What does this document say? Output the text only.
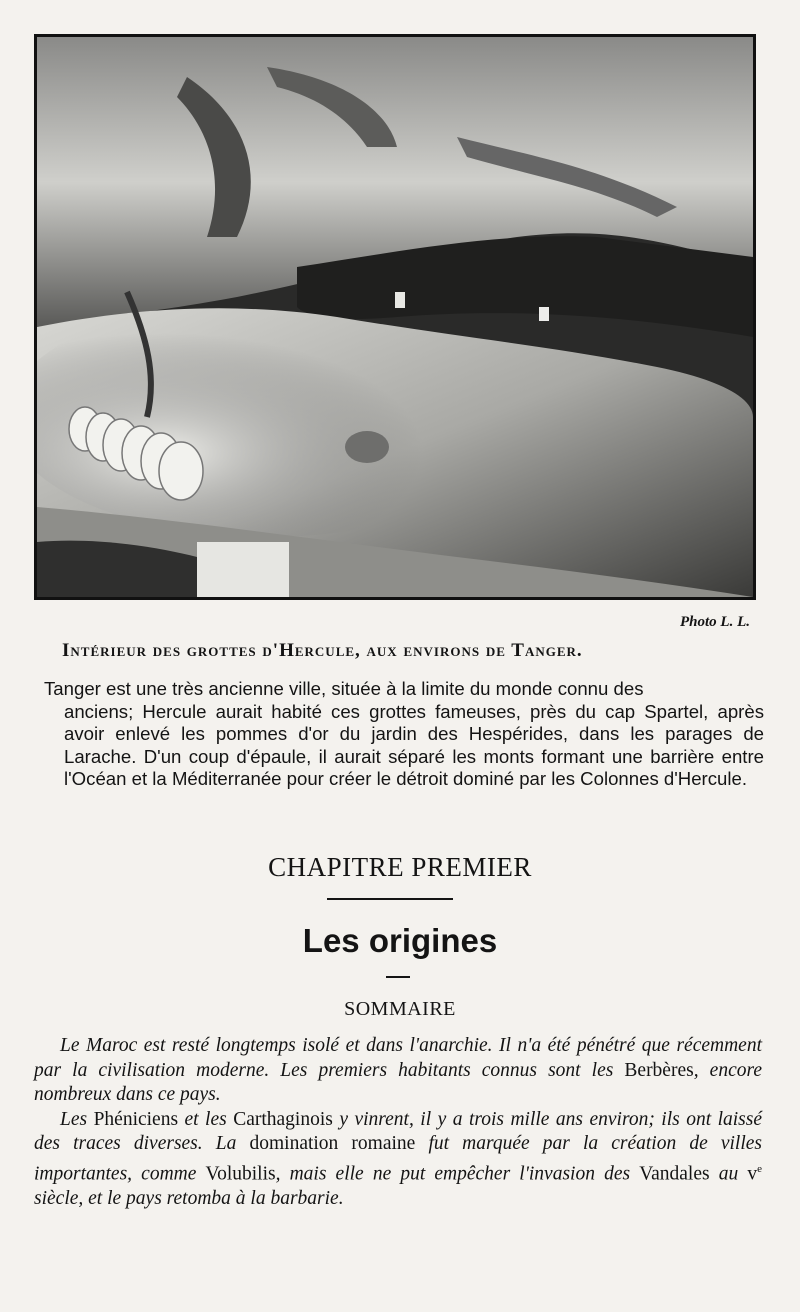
Photo L. L.
Intérieur des grottes d'Hercule, aux environs de Tanger.

Tanger est une très ancienne ville, située à la limite du monde connu des
anciens; Hercule aurait habité ces grottes fameuses, près du cap Spartel, après avoir enlevé les pommes d'or du jardin des Hespérides, dans les parages de Larache. D'un coup d'épaule, il aurait séparé les monts formant une barrière entre l'Océan et la Méditerranée pour créer le détroit dominé par les Colonnes d'Hercule.

CHAPITRE PREMIER
Les origines
SOMMAIRE

Le Maroc est resté longtemps isolé et dans l'anarchie. Il n'a été pénétré que récemment par la civilisation moderne. Les premiers habitants connus sont les Berbères, encore nombreux dans ce pays.

Les Phéniciens et les Carthaginois y vinrent, il y a trois mille ans environ; ils ont laissé des traces diverses. La domination romaine fut marquée par la création de villes importantes, comme Volubilis, mais elle ne put empêcher l'invasion des Vandales au $v^e$ siècle, et le pays retomba à la barbarie.
